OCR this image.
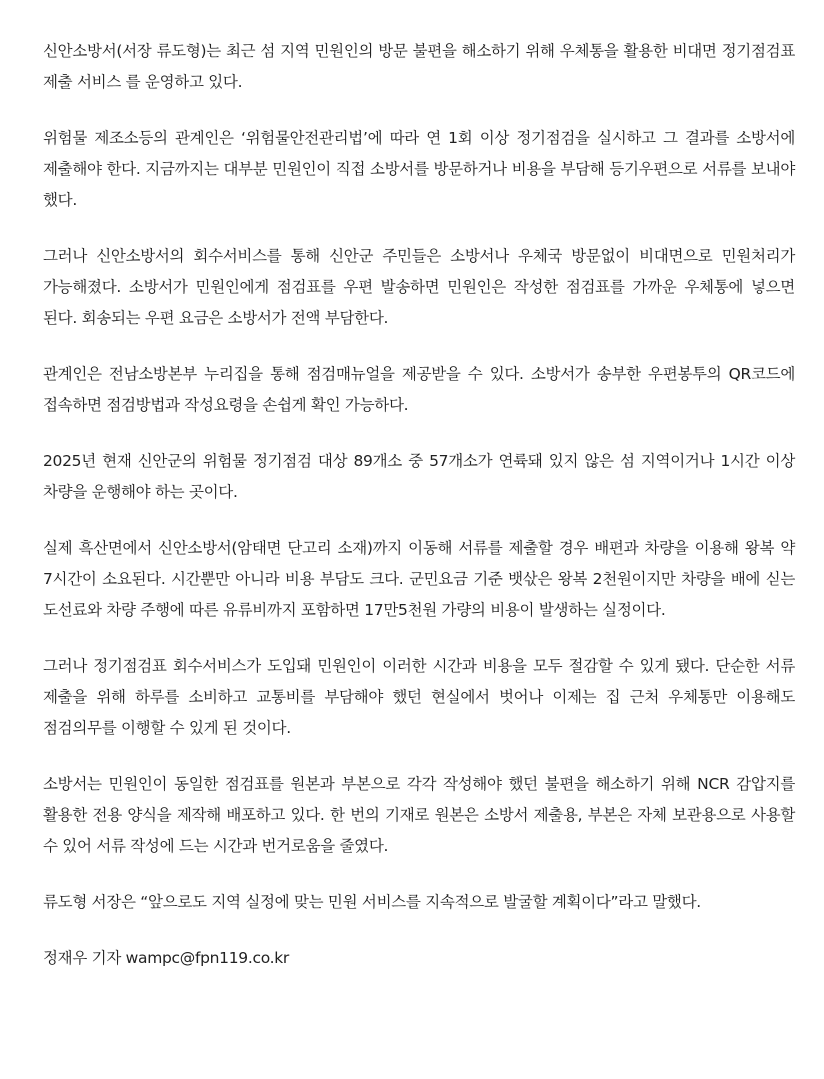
신안소방서(서장 류도형)는 최근 섬 지역 민원인의 방문 불편을 해소하기 위해 우체통을 활용한 비대면 정기점검표 제출 서비스 를 운영하고 있다.

위험물 제조소등의 관계인은 ‘위험물안전관리법’에 따라 연 1회 이상 정기점검을 실시하고 그 결과를 소방서에 제출해야 한다. 지금까지는 대부분 민원인이 직접 소방서를 방문하거나 비용을 부담해 등기우편으로 서류를 보내야 했다.

그러나 신안소방서의 회수서비스를 통해 신안군 주민들은 소방서나 우체국 방문없이 비대면으로 민원처리가 가능해졌다. 소방서가 민원인에게 점검표를 우편 발송하면 민원인은 작성한 점검표를 가까운 우체통에 넣으면 된다. 회송되는 우편 요금은 소방서가 전액 부담한다.

관계인은 전남소방본부 누리집을 통해 점검매뉴얼을 제공받을 수 있다. 소방서가 송부한 우편봉투의 QR코드에 접속하면 점검방법과 작성요령을 손쉽게 확인 가능하다.

2025년 현재 신안군의 위험물 정기점검 대상 89개소 중 57개소가 연륙돼 있지 않은 섬 지역이거나 1시간 이상 차량을 운행해야 하는 곳이다.

실제 흑산면에서 신안소방서(암태면 단고리 소재)까지 이동해 서류를 제출할 경우 배편과 차량을 이용해 왕복 약 7시간이 소요된다. 시간뿐만 아니라 비용 부담도 크다. 군민요금 기준 뱃삯은 왕복 2천원이지만 차량을 배에 싣는 도선료와 차량 주행에 따른 유류비까지 포함하면 17만5천원 가량의 비용이 발생하는 실정이다.

그러나 정기점검표 회수서비스가 도입돼 민원인이 이러한 시간과 비용을 모두 절감할 수 있게 됐다. 단순한 서류 제출을 위해 하루를 소비하고 교통비를 부담해야 했던 현실에서 벗어나 이제는 집 근처 우체통만 이용해도 점검의무를 이행할 수 있게 된 것이다.

소방서는 민원인이 동일한 점검표를 원본과 부본으로 각각 작성해야 했던 불편을 해소하기 위해 NCR 감압지를 활용한 전용 양식을 제작해 배포하고 있다. 한 번의 기재로 원본은 소방서 제출용, 부본은 자체 보관용으로 사용할 수 있어 서류 작성에 드는 시간과 번거로움을 줄였다.

류도형 서장은 “앞으로도 지역 실정에 맞는 민원 서비스를 지속적으로 발굴할 계획이다”라고 말했다.

정재우 기자 wampc@fpn119.co.kr
